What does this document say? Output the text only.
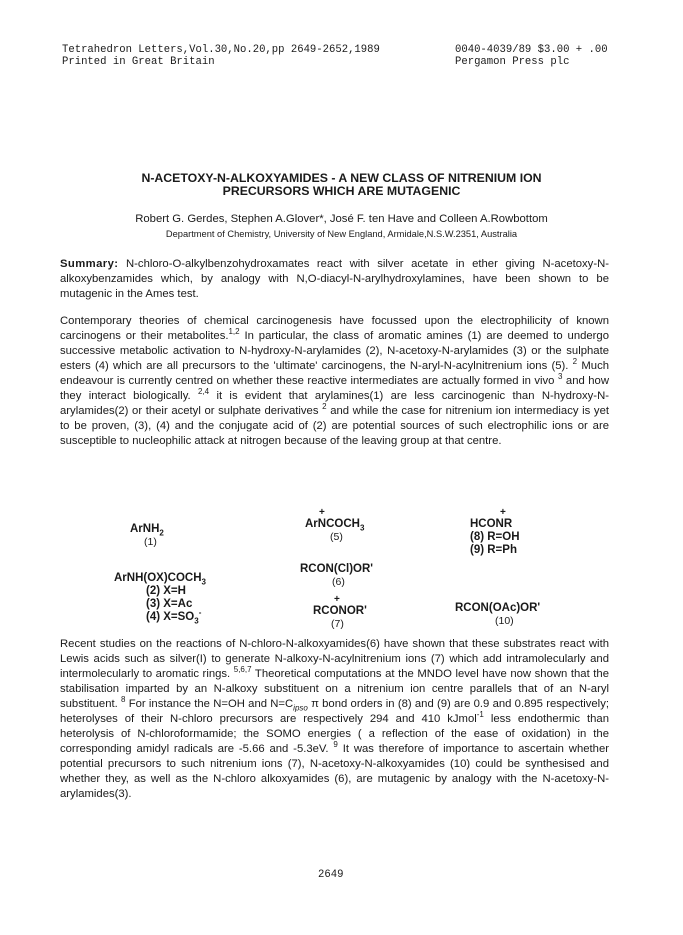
Tetrahedron Letters,Vol.30,No.20,pp 2649-2652,1989
Printed in Great Britain
0040-4039/89 $3.00 + .00
Pergamon Press plc
N-ACETOXY-N-ALKOXYAMIDES - A NEW CLASS OF NITRENIUM ION
PRECURSORS WHICH ARE MUTAGENIC
Robert G. Gerdes, Stephen A.Glover*, José F. ten Have and Colleen A.Rowbottom
Department of Chemistry, University of New England, Armidale,N.S.W.2351, Australia
Summary: N-chloro-O-alkylbenzohydroxamates react with silver acetate in ether giving N-acetoxy-N-alkoxybenzamides which, by analogy with N,O-diacyl-N-arylhydroxylamines, have been shown to be mutagenic in the Ames test.
Contemporary theories of chemical carcinogenesis have focussed upon the electrophilicity of known carcinogens or their metabolites.$^{1,2}$ In particular, the class of aromatic amines (1) are deemed to undergo successive metabolic activation to N-hydroxy-N-arylamides (2), N-acetoxy-N-arylamides (3) or the sulphate esters (4) which are all precursors to the 'ultimate' carcinogens, the N-aryl-N-acylnitrenium ions (5). $^2$ Much endeavour is currently centred on whether these reactive intermediates are actually formed in vivo $^3$ and how they interact biologically. $^{2,4}$ it is evident that arylamines(1) are less carcinogenic than N-hydroxy-N-arylamides(2) or their acetyl or sulphate derivatives $^2$ and while the case for nitrenium ion intermediacy is yet to be proven, (3), (4) and the conjugate acid of (2) are potential sources of such electrophilic ions or are susceptible to nucleophilic attack at nitrogen because of the leaving group at that centre.
ArNH$_2$
(1)
$ArNH(OX)COCH_3$
(2) X=H
(3) X=Ac
(4) $X=SO_3^-$
+
ArNCOCH$_3$
(5)
RCON(Cl)OR'
(6)
+
RCONOR'
(7)
+
HCONR
(8) R=OH
(9) R=Ph
RCON(OAc)OR'
(10)
Recent studies on the reactions of N-chloro-N-alkoxyamides(6) have shown that these substrates react with Lewis acids such as silver(I) to generate N-alkoxy-N-acylnitrenium ions (7) which add intramolecularly and intermolecularly to aromatic rings. $^{5,6,7}$ Theoretical computations at the MNDO level have now shown that the stabilisation imparted by an N-alkoxy substituent on a nitrenium ion centre parallels that of an N-aryl substituent. $^8$ For instance the N=OH and $N=C_{ipso}$ π bond orders in (8) and (9) are 0.9 and 0.895 respectively; heterolyses of their N-chloro precursors are respectively 294 and 410 kJmol$^{-1}$ less endothermic than heterolysis of N-chloroformamide; the SOMO energies ( a reflection of the ease of oxidation) in the corresponding amidyl radicals are -5.66 and -5.3eV. $^9$ It was therefore of importance to ascertain whether potential precursors to such nitrenium ions (7), N-acetoxy-N-alkoxyamides (10) could be synthesised and whether they, as well as the N-chloro alkoxyamides (6), are mutagenic by analogy with the N-acetoxy-N-arylamides(3).
2649
